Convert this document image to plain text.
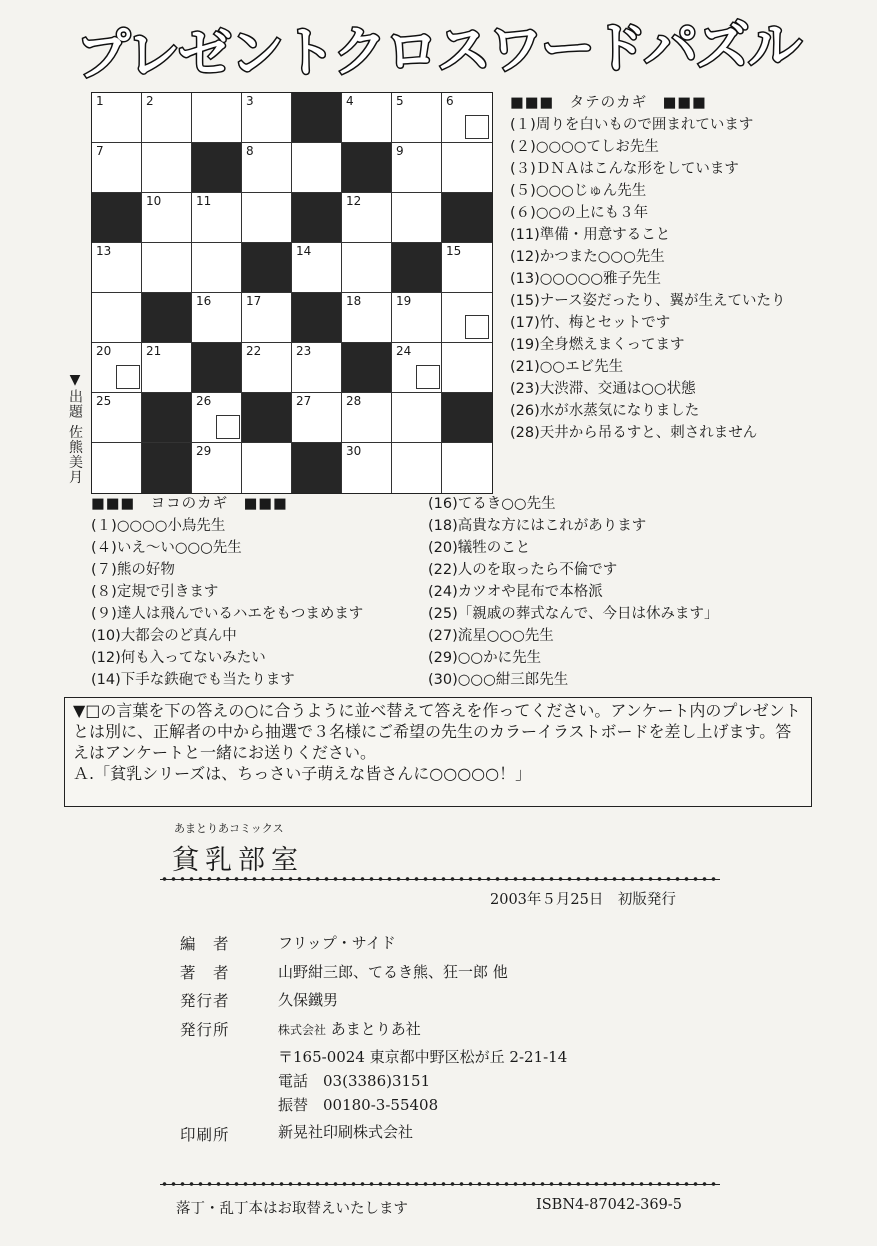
プレゼントクロスワードパズル
1	2	3	4	5	6
7	8	9
10	11	12
13	14	15
16	17	18	19
20	21	22	23	24
25	26	27	28
29	30
▼出題 佐熊美月
■■■　タテのカギ　■■■
(１)周りを白いもので囲まれています
(２)○○○○てしお先生
(３)ＤＮＡはこんな形をしています
(５)○○○じゅん先生
(６)○○の上にも３年
(11)準備・用意すること
(12)かつまた○○○先生
(13)○○○○○雅子先生
(15)ナース姿だったり、翼が生えていたり
(17)竹、梅とセットです
(19)全身燃えまくってます
(21)○○エビ先生
(23)大渋滞、交通は○○状態
(26)水が水蒸気になりました
(28)天井から吊るすと、刺されません
■■■　ヨコのカギ　■■■
(１)○○○○小鳥先生
(４)いえ〜い○○○先生
(７)熊の好物
(８)定規で引きます
(９)達人は飛んでいるハエをもつまめます
(10)大都会のど真ん中
(12)何も入ってないみたい
(14)下手な鉄砲でも当たります
(16)てるき○○先生
(18)高貴な方にはこれがあります
(20)犠牲のこと
(22)人のを取ったら不倫です
(24)カツオや昆布で本格派
(25)「親戚の葬式なんで、今日は休みます」
(27)流星○○○先生
(29)○○かに先生
(30)○○○紺三郎先生
▼□の言葉を下の答えの○に合うように並べ替えて答えを作ってください。アンケート内のプレゼントとは別に、正解者の中から抽選で３名様にご希望の先生のカラーイラストボードを差し上げます。答えはアンケートと一緒にお送りください。
Ａ.「貧乳シリーズは、ちっさい子萌えな皆さんに○○○○○！」
あまとりあコミックス
貧乳部室
2003年５月25日　初版発行
編　者	フリップ・サイド
著　者	山野紺三郎、てるき熊、狂一郎 他
発行者	久保鐵男
発行所	株式会社 あまとりあ社
〒165-0024 東京都中野区松が丘 2-21-14
電話　03(3386)3151
振替　00180-3-55408
印刷所	新晃社印刷株式会社
落丁・乱丁本はお取替えいたします	ISBN4-87042-369-5
